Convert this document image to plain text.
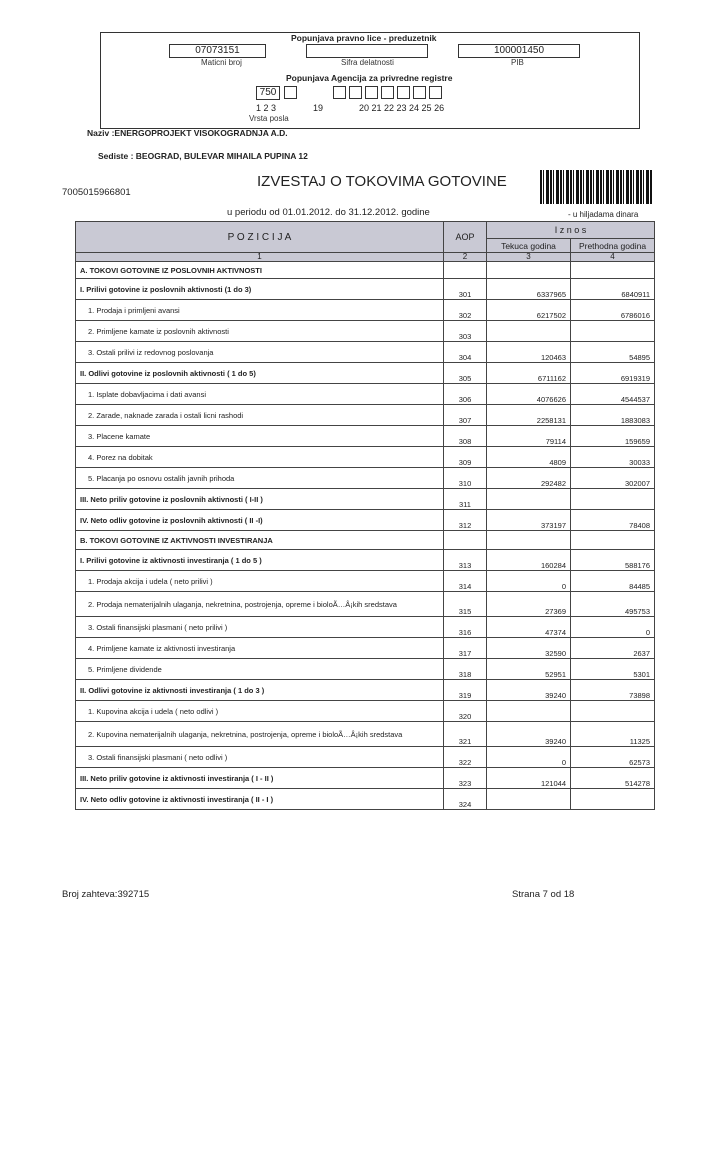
Popunjava pravno lice - preduzetnik
07073151
Maticni broj	Sifra delatnosti
100001450
PIB
Popunjava Agencija za privredne registre
750
1 2 3	19	20 21 22 23 24 25 26
Vrsta posla
Naziv :ENERGOPROJEKT VISOKOGRADNJA A.D.
Sediste : BEOGRAD, BULEVAR MIHAILA PUPINA 12
7005015966801
IZVESTAJ O TOKOVIMA GOTOVINE
u periodu od 01.01.2012. do 31.12.2012. godine	- u hiljadama dinara
P O Z I C I J A	AOP	I z n o s	
		Tekuca godina	Prethodna godina
1	2	3	4
A. TOKOVI GOTOVINE IZ POSLOVNIH AKTIVNOSTI			
I. Prilivi gotovine iz poslovnih aktivnosti (1 do 3)	301	6337965	6840911
1. Prodaja i primljeni avansi	302	6217502	6786016
2. Primljene kamate iz poslovnih aktivnosti	303		
3. Ostali prilivi iz redovnog poslovanja	304	120463	54895
II. Odlivi gotovine iz poslovnih aktivnosti ( 1 do 5)	305	6711162	6919319
1. Isplate dobavljacima i dati avansi	306	4076626	4544537
2. Zarade, naknade zarada i ostali licni rashodi	307	2258131	1883083
3. Placene kamate	308	79114	159659
4. Porez na dobitak	309	4809	30033
5. Placanja po osnovu ostalih javnih prihoda	310	292482	302007
III. Neto priliv gotovine iz poslovnih aktivnosti ( I-II )	311		
IV. Neto odliv gotovine iz poslovnih aktivnosti ( II -I)	312	373197	78408
B. TOKOVI GOTOVINE IZ AKTIVNOSTI INVESTIRANJA			
I. Prilivi gotovine iz aktivnosti investiranja ( 1 do 5 )	313	160284	588176
1. Prodaja akcija i udela ( neto prilivi )	314	0	84485
2. Prodaja nematerijalnih ulaganja, nekretnina, postrojenja, opreme i bioloÃ…Â¡kih sredstava	315	27369	495753
3. Ostali finansijski plasmani ( neto prilivi )	316	47374	0
4. Primljene kamate iz aktivnosti investiranja	317	32590	2637
5. Primljene dividende	318	52951	5301
II. Odlivi gotovine iz aktivnosti investiranja ( 1 do 3 )	319	39240	73898
1. Kupovina akcija i udela ( neto odlivi )	320		
2. Kupovina nematerijalnih ulaganja, nekretnina, postrojenja, opreme i bioloÃ…Â¡kih sredstava	321	39240	11325
3. Ostali finansijski plasmani ( neto odlivi )	322	0	62573
III. Neto priliv gotovine iz aktivnosti investiranja ( I - II )	323	121044	514278
IV. Neto odliv gotovine iz aktivnosti investiranja ( II - I )	324		
Broj zahteva:392715	Strana 7 od 18
